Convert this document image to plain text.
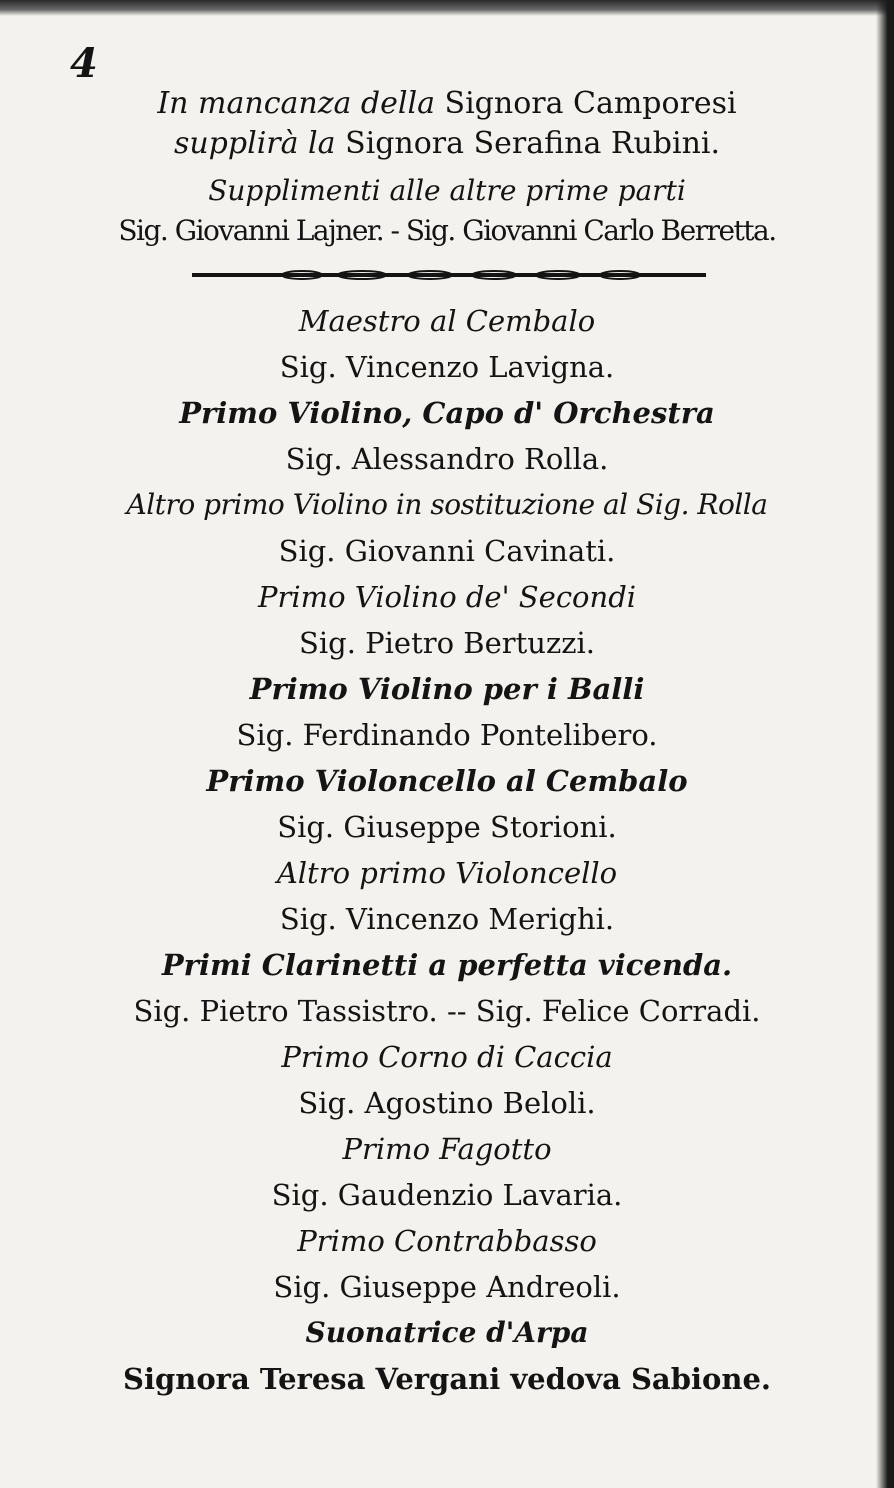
4
In mancanza della Signora Camporesi
supplirà la Signora Serafina Rubini.
Supplimenti alle altre prime parti
Sig. Giovanni Lajner. - Sig. Giovanni Carlo Berretta.
Maestro al Cembalo
Sig. Vincenzo Lavigna.
Primo Violino, Capo d' Orchestra
Sig. Alessandro Rolla.
Altro primo Violino in sostituzione al Sig. Rolla
Sig. Giovanni Cavinati.
Primo Violino de' Secondi
Sig. Pietro Bertuzzi.
Primo Violino per i Balli
Sig. Ferdinando Pontelibero.
Primo Violoncello al Cembalo
Sig. Giuseppe Storioni.
Altro primo Violoncello
Sig. Vincenzo Merighi.
Primi Clarinetti a perfetta vicenda.
Sig. Pietro Tassistro. -- Sig. Felice Corradi.
Primo Corno di Caccia
Sig. Agostino Beloli.
Primo Fagotto
Sig. Gaudenzio Lavaria.
Primo Contrabbasso
Sig. Giuseppe Andreoli.
Suonatrice d'Arpa
Signora Teresa Vergani vedova Sabione.
